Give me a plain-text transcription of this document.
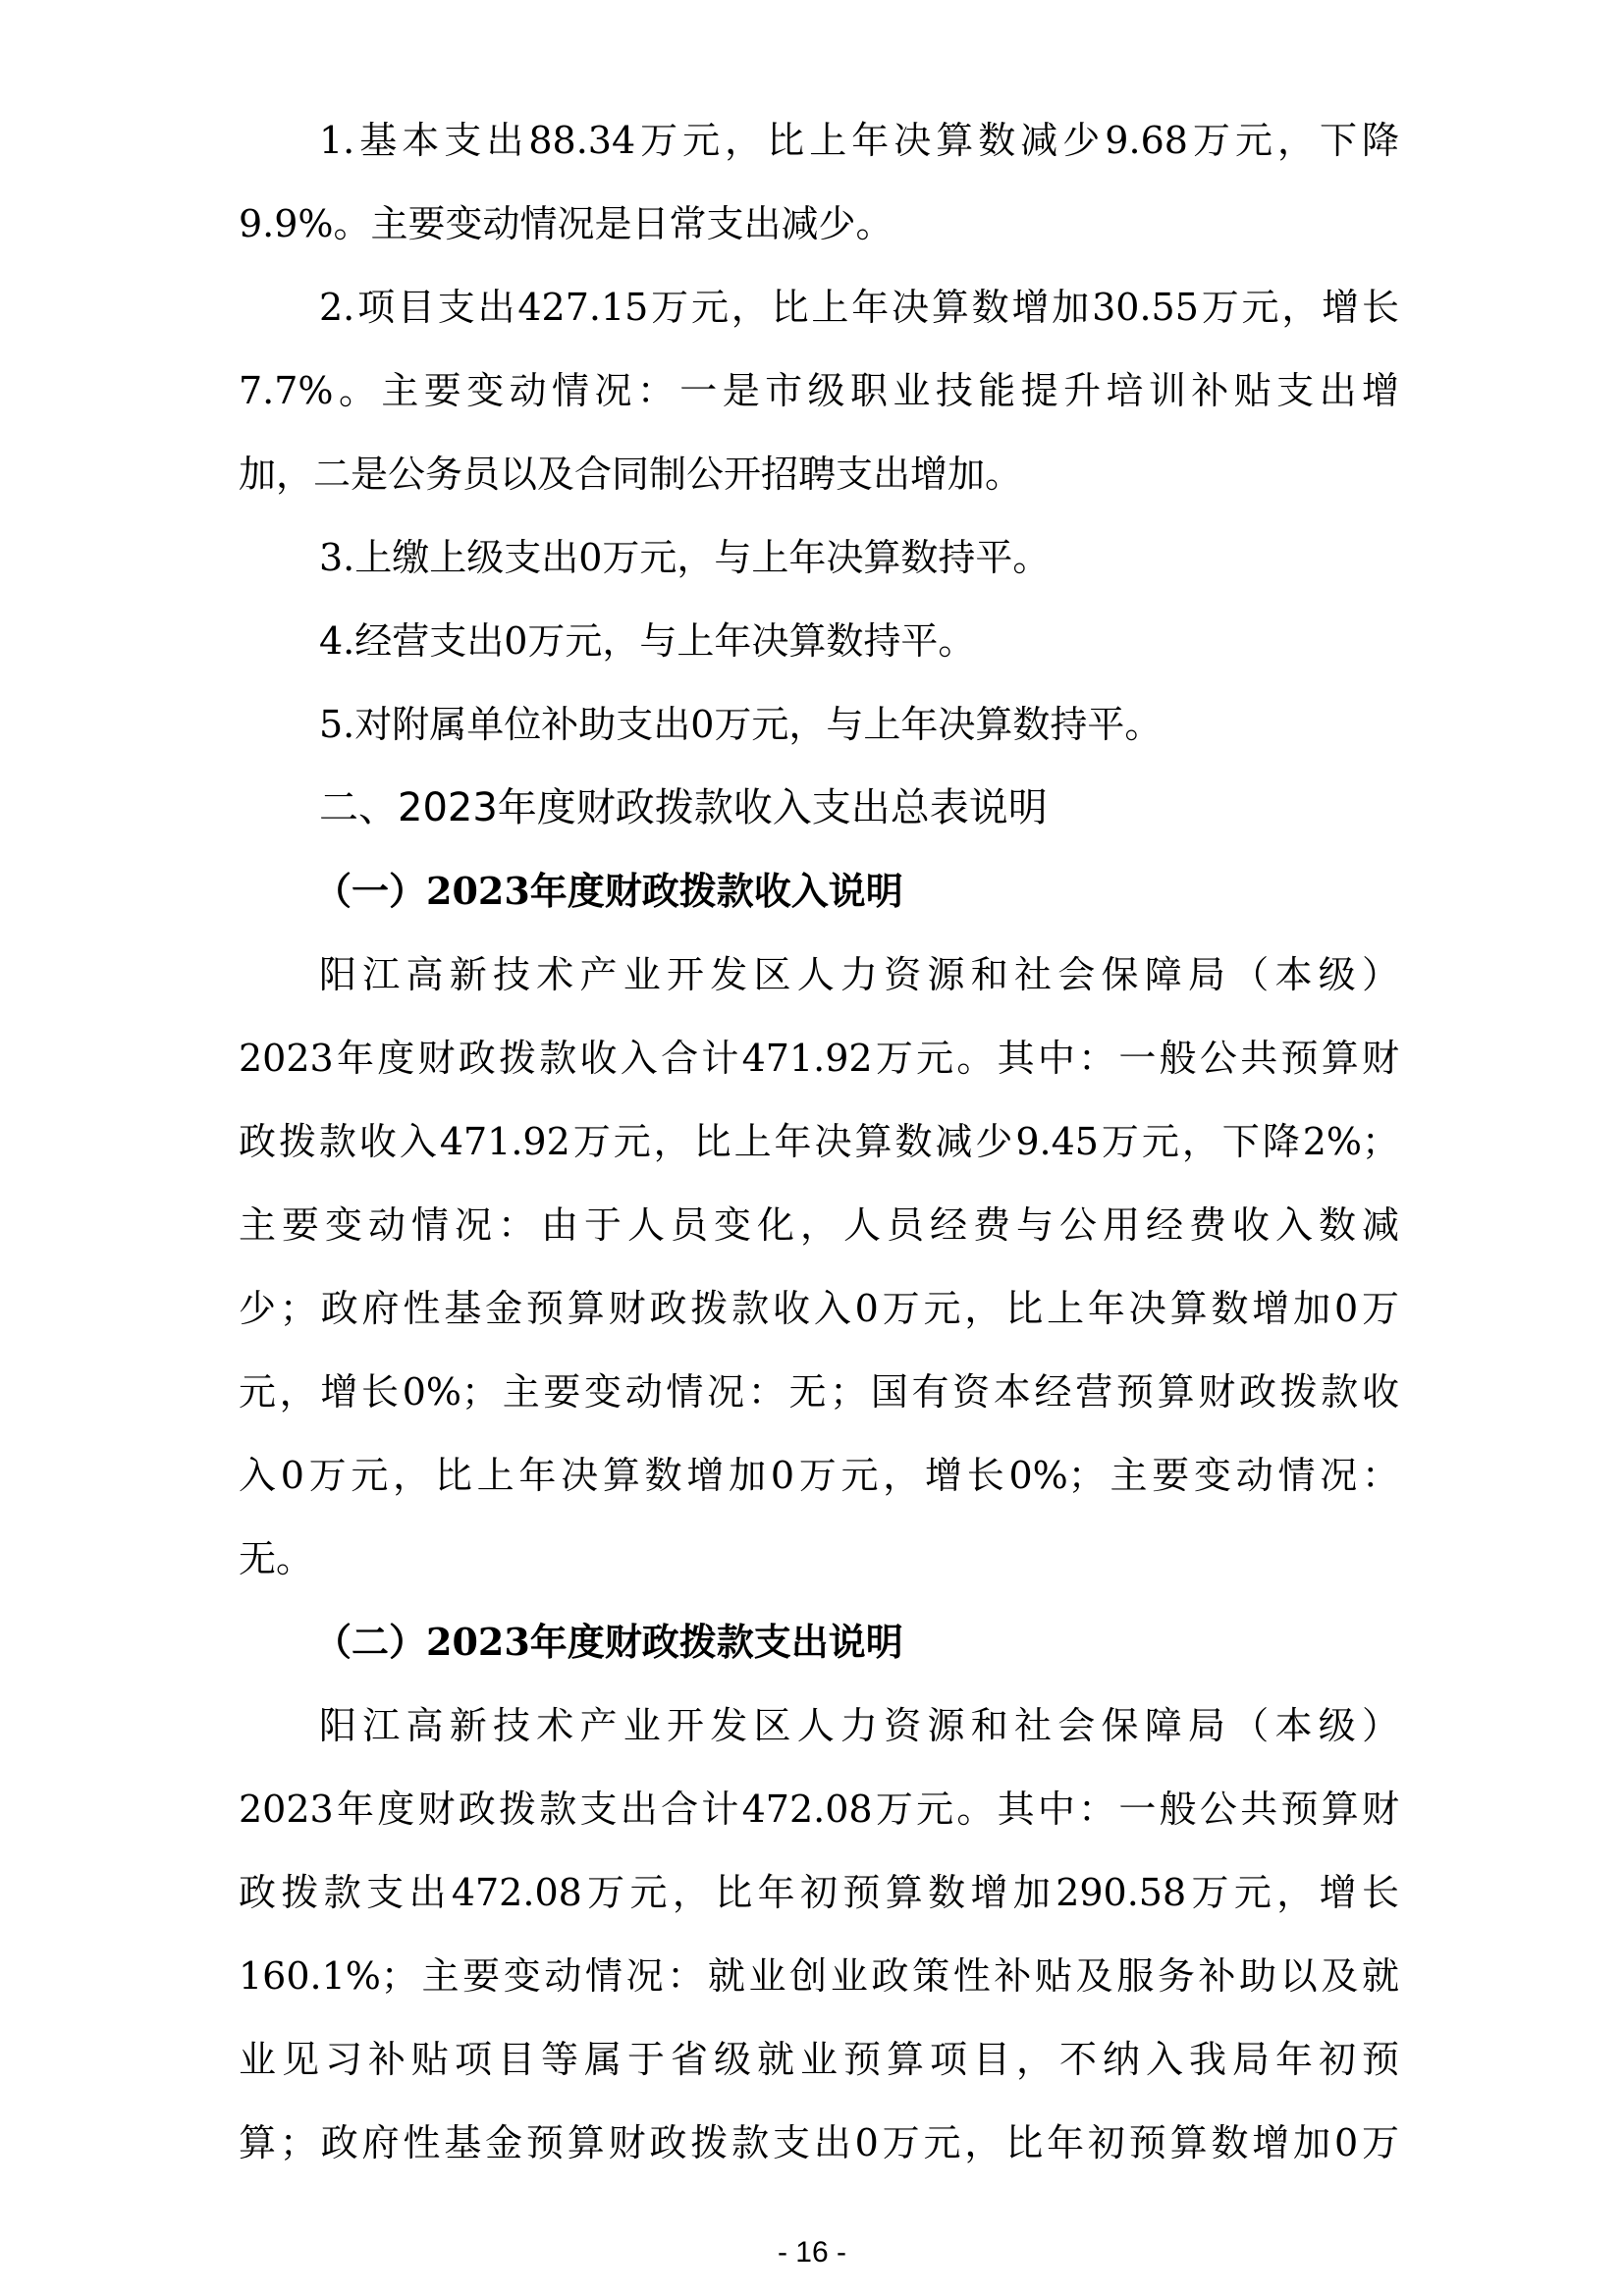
1.基本支出88.34万元，比上年决算数减少9.68万元，下降
9.9%。主要变动情况是日常支出减少。
2.项目支出427.15万元，比上年决算数增加30.55万元，增长
7.7%。主要变动情况：一是市级职业技能提升培训补贴支出增
加，二是公务员以及合同制公开招聘支出增加。
3.上缴上级支出0万元，与上年决算数持平。
4.经营支出0万元，与上年决算数持平。
5.对附属单位补助支出0万元，与上年决算数持平。
二、2023年度财政拨款收入支出总表说明
（一）2023年度财政拨款收入说明
阳江高新技术产业开发区人力资源和社会保障局（本级）
2023年度财政拨款收入合计471.92万元。其中：一般公共预算财
政拨款收入471.92万元，比上年决算数减少9.45万元，下降2%；
主要变动情况：由于人员变化，人员经费与公用经费收入数减
少；政府性基金预算财政拨款收入0万元，比上年决算数增加0万
元，增长0%；主要变动情况：无；国有资本经营预算财政拨款收
入0万元，比上年决算数增加0万元，增长0%；主要变动情况：
无。
（二）2023年度财政拨款支出说明
阳江高新技术产业开发区人力资源和社会保障局（本级）
2023年度财政拨款支出合计472.08万元。其中：一般公共预算财
政拨款支出472.08万元，比年初预算数增加290.58万元，增长
160.1%；主要变动情况：就业创业政策性补贴及服务补助以及就
业见习补贴项目等属于省级就业预算项目，不纳入我局年初预
算；政府性基金预算财政拨款支出0万元，比年初预算数增加0万
- 16 -
